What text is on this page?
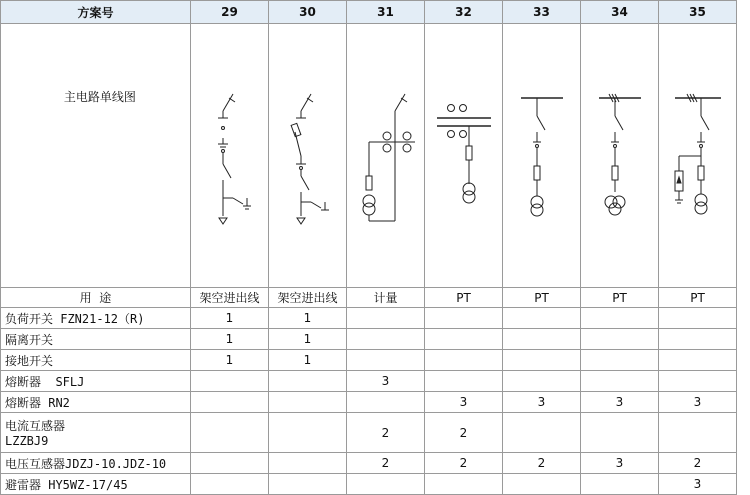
方案号	29	30	31	32	33	34	35

主电路单线图

用  途	架空进出线	架空进出线	计量	PT	PT	PT	PT
负荷开关 FZN21-12（R)	1	1					
隔离开关	1	1					
接地开关	1	1					
熔断器  SFLJ			3				
熔断器 RN2				3	3	3	3
电流互感器
LZZBJ9			2	2			
电压互感器JDZJ-10.JDZ-10			2	2	2	3	2
避雷器 HY5WZ-17/45							3
